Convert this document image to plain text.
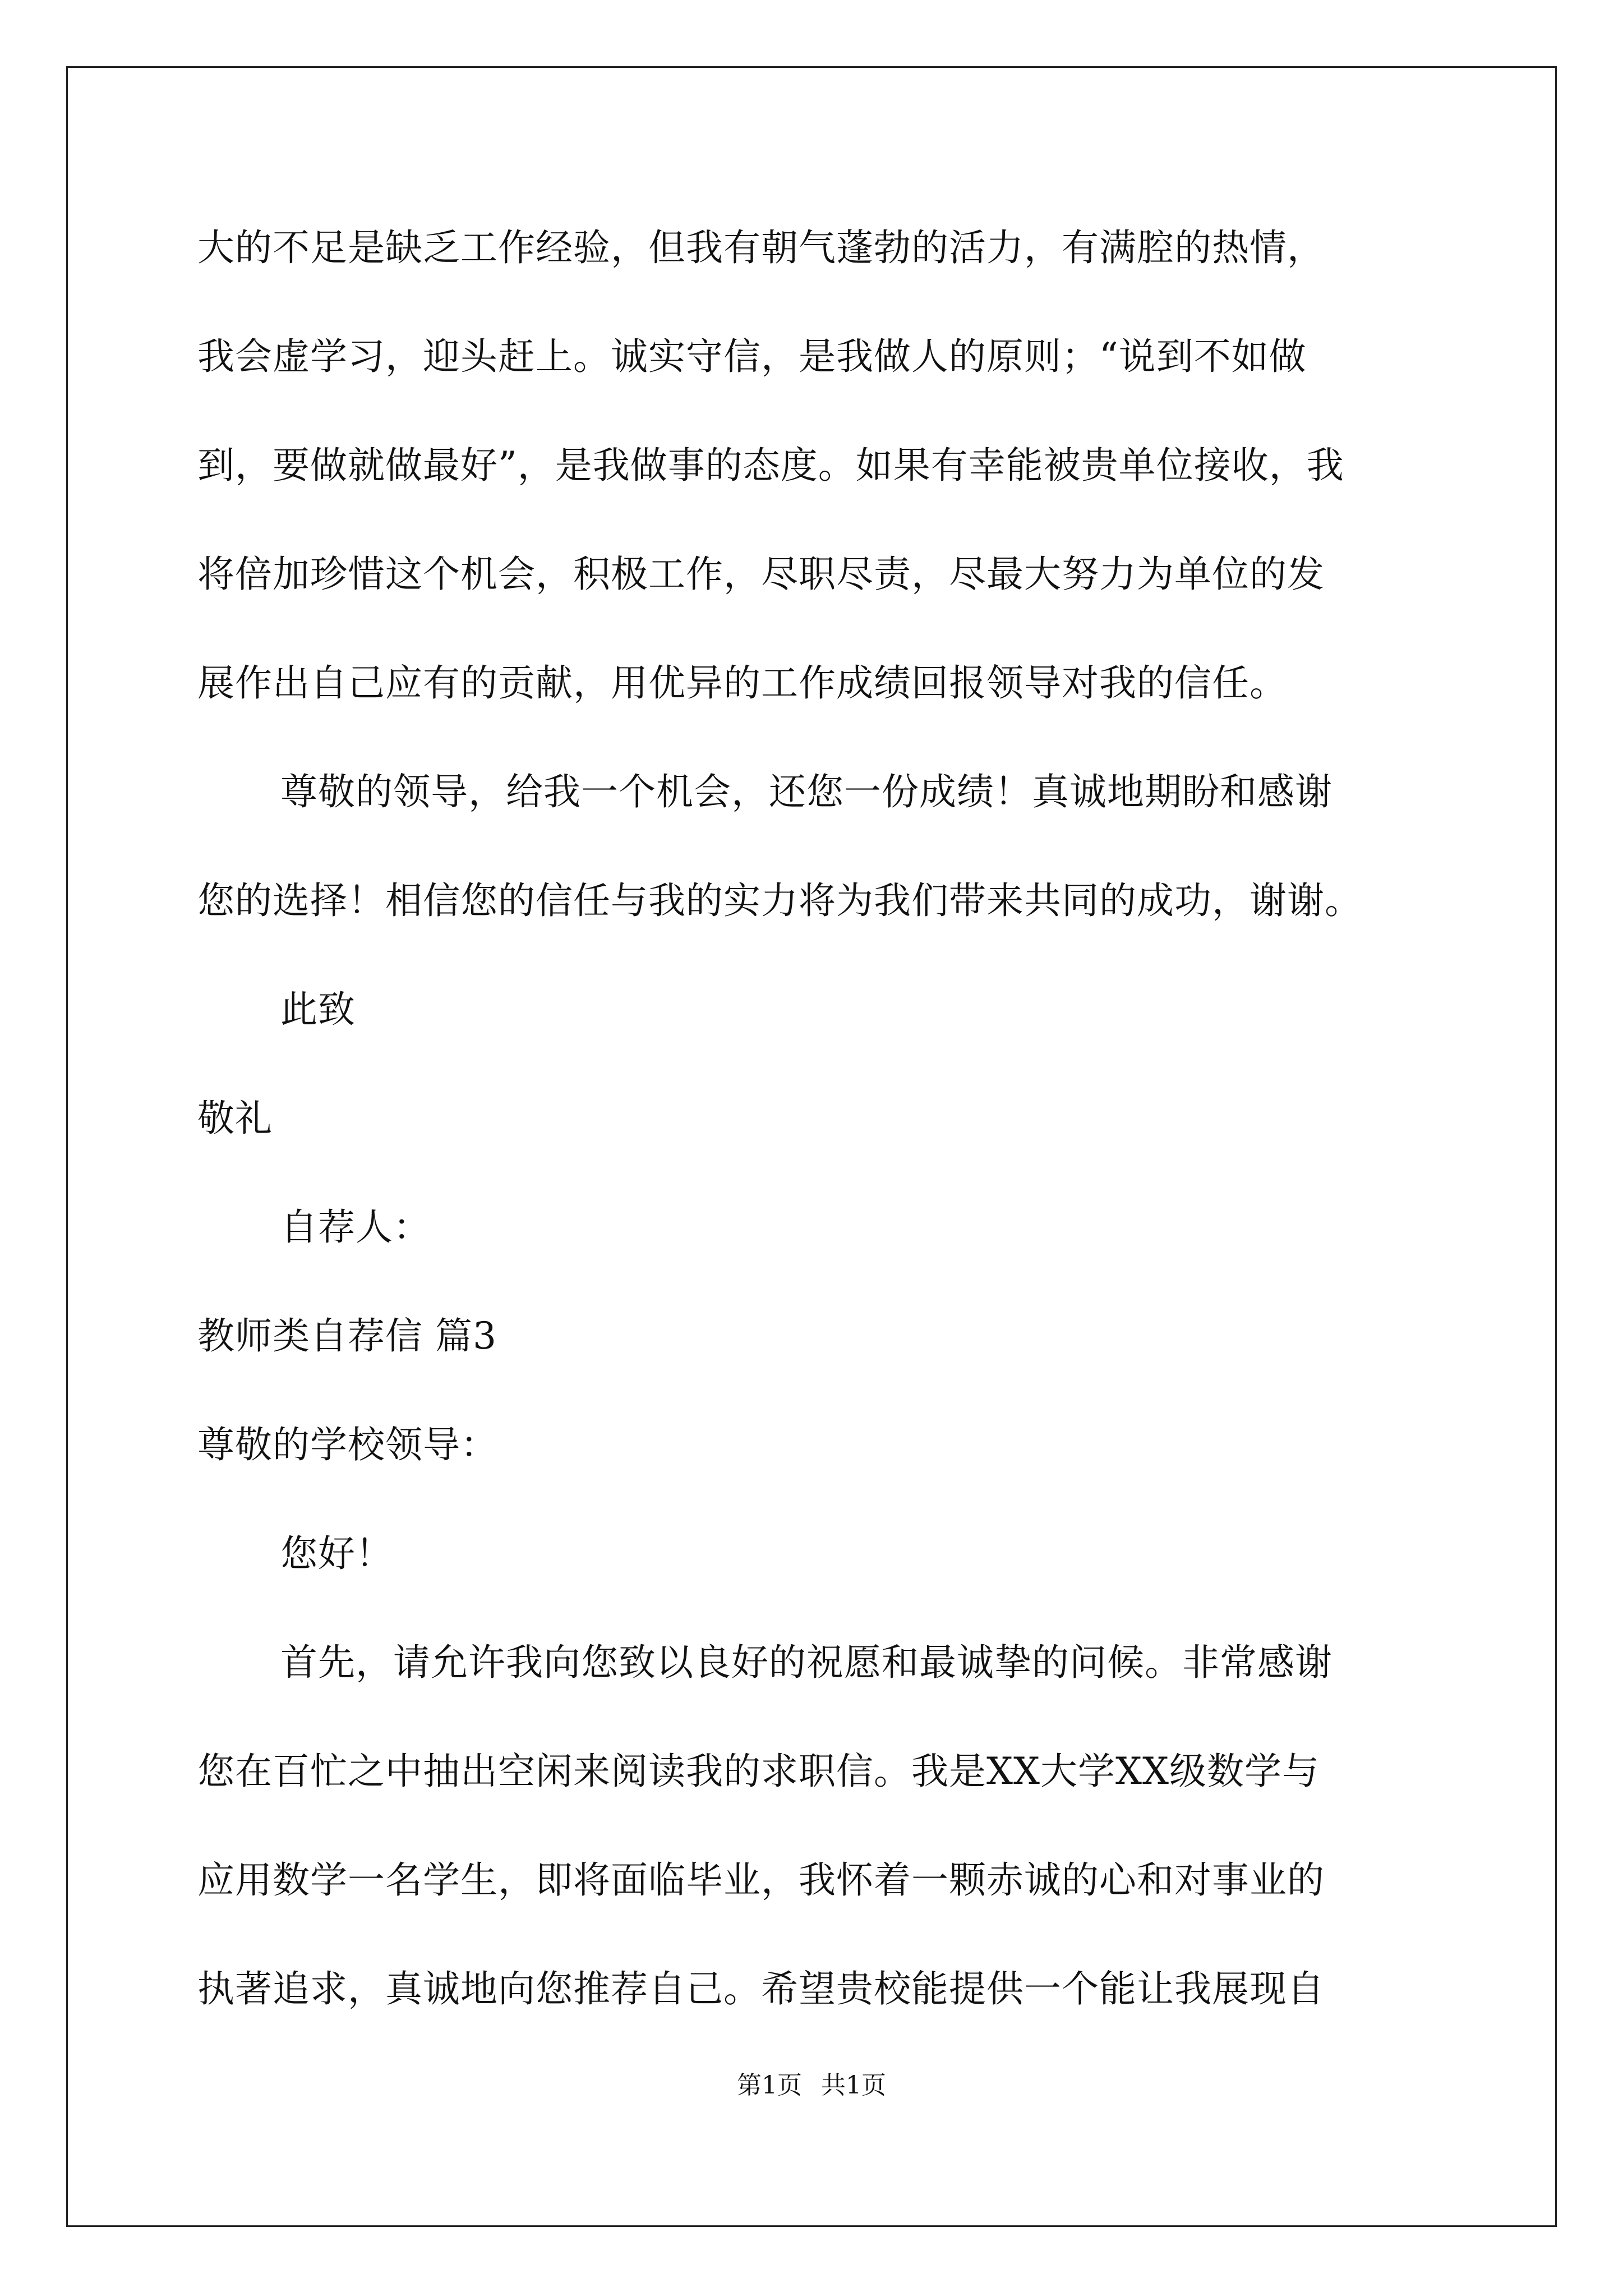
大的不足是缺乏工作经验，但我有朝气蓬勃的活力，有满腔的热情，
我会虚学习，迎头赶上。诚实守信，是我做人的原则；“说到不如做
到，要做就做最好”，是我做事的态度。如果有幸能被贵单位接收，我
将倍加珍惜这个机会，积极工作，尽职尽责，尽最大努力为单位的发
展作出自己应有的贡献，用优异的工作成绩回报领导对我的信任。
尊敬的领导，给我一个机会，还您一份成绩！真诚地期盼和感谢
您的选择！相信您的信任与我的实力将为我们带来共同的成功，谢谢。
此致
敬礼
自荐人：
教师类自荐信 篇3
尊敬的学校领导：
您好！
首先，请允许我向您致以良好的祝愿和最诚挚的问候。非常感谢
您在百忙之中抽出空闲来阅读我的求职信。我是XX大学XX级数学与
应用数学一名学生，即将面临毕业，我怀着一颗赤诚的心和对事业的
执著追求，真诚地向您推荐自己。希望贵校能提供一个能让我展现自
第1页 共1页
